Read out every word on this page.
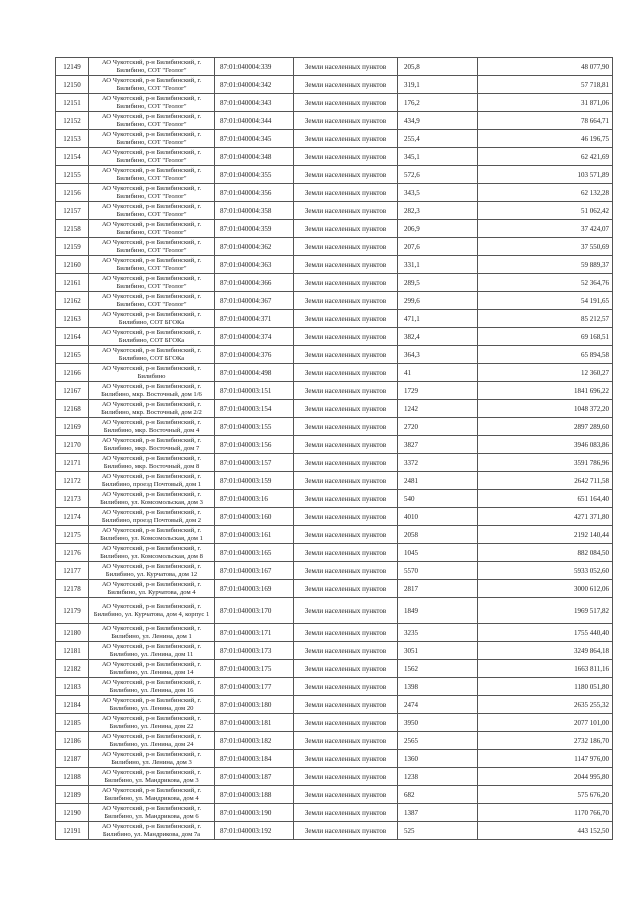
12149	АО Чукотский, р-н Билибинский, г. Билибино, СОТ "Геолог"	87:01:040004:339	Земли населенных пунктов	205,8	48 077,90
12150	АО Чукотский, р-н Билибинский, г. Билибино, СОТ "Геолог"	87:01:040004:342	Земли населенных пунктов	319,1	57 718,81
12151	АО Чукотский, р-н Билибинский, г. Билибино, СОТ "Геолог"	87:01:040004:343	Земли населенных пунктов	176,2	31 871,06
12152	АО Чукотский, р-н Билибинский, г. Билибино, СОТ "Геолог"	87:01:040004:344	Земли населенных пунктов	434,9	78 664,71
12153	АО Чукотский, р-н Билибинский, г. Билибино, СОТ "Геолог"	87:01:040004:345	Земли населенных пунктов	255,4	46 196,75
12154	АО Чукотский, р-н Билибинский, г. Билибино, СОТ "Геолог"	87:01:040004:348	Земли населенных пунктов	345,1	62 421,69
12155	АО Чукотский, р-н Билибинский, г. Билибино, СОТ "Геолог"	87:01:040004:355	Земли населенных пунктов	572,6	103 571,89
12156	АО Чукотский, р-н Билибинский, г. Билибино, СОТ "Геолог"	87:01:040004:356	Земли населенных пунктов	343,5	62 132,28
12157	АО Чукотский, р-н Билибинский, г. Билибино, СОТ "Геолог"	87:01:040004:358	Земли населенных пунктов	282,3	51 062,42
12158	АО Чукотский, р-н Билибинский, г. Билибино, СОТ "Геолог"	87:01:040004:359	Земли населенных пунктов	206,9	37 424,07
12159	АО Чукотский, р-н Билибинский, г. Билибино, СОТ "Геолог"	87:01:040004:362	Земли населенных пунктов	207,6	37 550,69
12160	АО Чукотский, р-н Билибинский, г. Билибино, СОТ "Геолог"	87:01:040004:363	Земли населенных пунктов	331,1	59 889,37
12161	АО Чукотский, р-н Билибинский, г. Билибино, СОТ "Геолог"	87:01:040004:366	Земли населенных пунктов	289,5	52 364,76
12162	АО Чукотский, р-н Билибинский, г. Билибино, СОТ "Геолог"	87:01:040004:367	Земли населенных пунктов	299,6	54 191,65
12163	АО Чукотский, р-н Билибинский, г. Билибино, СОТ БГОКа	87:01:040004:371	Земли населенных пунктов	471,1	85 212,57
12164	АО Чукотский, р-н Билибинский, г. Билибино, СОТ БГОКа	87:01:040004:374	Земли населенных пунктов	382,4	69 168,51
12165	АО Чукотский, р-н Билибинский, г. Билибино, СОТ БГОКа	87:01:040004:376	Земли населенных пунктов	364,3	65 894,58
12166	АО Чукотский, р-н Билибинский, г. Билибино	87:01:040004:498	Земли населенных пунктов	41	12 360,27
12167	АО Чукотский, р-н Билибинский, г. Билибино, мкр. Восточный, дом 1/6	87:01:040003:151	Земли населенных пунктов	1729	1841 696,22
12168	АО Чукотский, р-н Билибинский, г. Билибино, мкр. Восточный, дом 2/2	87:01:040003:154	Земли населенных пунктов	1242	1048 372,20
12169	АО Чукотский, р-н Билибинский, г. Билибино, мкр. Восточный, дом 4	87:01:040003:155	Земли населенных пунктов	2720	2897 289,60
12170	АО Чукотский, р-н Билибинский, г. Билибино, мкр. Восточный, дом 7	87:01:040003:156	Земли населенных пунктов	3827	3946 083,86
12171	АО Чукотский, р-н Билибинский, г. Билибино, мкр. Восточный, дом 8	87:01:040003:157	Земли населенных пунктов	3372	3591 786,96
12172	АО Чукотский, р-н Билибинский, г. Билибино, проезд Почтовый, дом 1	87:01:040003:159	Земли населенных пунктов	2481	2642 711,58
12173	АО Чукотский, р-н Билибинский, г. Билибино, ул. Комсомольская, дом 3	87:01:040003:16	Земли населенных пунктов	540	651 164,40
12174	АО Чукотский, р-н Билибинский, г. Билибино, проезд Почтовый, дом 2	87:01:040003:160	Земли населенных пунктов	4010	4271 371,80
12175	АО Чукотский, р-н Билибинский, г. Билибино, ул. Комсомольская, дом 1	87:01:040003:161	Земли населенных пунктов	2058	2192 140,44
12176	АО Чукотский, р-н Билибинский, г. Билибино, ул. Комсомольская, дом 8	87:01:040003:165	Земли населенных пунктов	1045	882 084,50
12177	АО Чукотский, р-н Билибинский, г. Билибино, ул. Курчатова, дом 12	87:01:040003:167	Земли населенных пунктов	5570	5933 052,60
12178	АО Чукотский, р-н Билибинский, г. Билибино, ул. Курчатова, дом 4	87:01:040003:169	Земли населенных пунктов	2817	3000 612,06
12179	АО Чукотский, р-н Билибинский, г. Билибино, ул. Курчатова, дом 4, корпус 1	87:01:040003:170	Земли населенных пунктов	1849	1969 517,82
12180	АО Чукотский, р-н Билибинский, г. Билибино, ул. Ленина, дом 1	87:01:040003:171	Земли населенных пунктов	3235	1755 440,40
12181	АО Чукотский, р-н Билибинский, г. Билибино, ул. Ленина, дом 11	87:01:040003:173	Земли населенных пунктов	3051	3249 864,18
12182	АО Чукотский, р-н Билибинский, г. Билибино, ул. Ленина, дом 14	87:01:040003:175	Земли населенных пунктов	1562	1663 811,16
12183	АО Чукотский, р-н Билибинский, г. Билибино, ул. Ленина, дом 16	87:01:040003:177	Земли населенных пунктов	1398	1180 051,80
12184	АО Чукотский, р-н Билибинский, г. Билибино, ул. Ленина, дом 20	87:01:040003:180	Земли населенных пунктов	2474	2635 255,32
12185	АО Чукотский, р-н Билибинский, г. Билибино, ул. Ленина, дом 22	87:01:040003:181	Земли населенных пунктов	3950	2077 101,00
12186	АО Чукотский, р-н Билибинский, г. Билибино, ул. Ленина, дом 24	87:01:040003:182	Земли населенных пунктов	2565	2732 186,70
12187	АО Чукотский, р-н Билибинский, г. Билибино, ул. Ленина, дом 3	87:01:040003:184	Земли населенных пунктов	1360	1147 976,00
12188	АО Чукотский, р-н Билибинский, г. Билибино, ул. Мандрикова, дом 3	87:01:040003:187	Земли населенных пунктов	1238	2044 995,80
12189	АО Чукотский, р-н Билибинский, г. Билибино, ул. Мандрикова, дом 4	87:01:040003:188	Земли населенных пунктов	682	575 676,20
12190	АО Чукотский, р-н Билибинский, г. Билибино, ул. Мандрикова, дом 6	87:01:040003:190	Земли населенных пунктов	1387	1170 766,70
12191	АО Чукотский, р-н Билибинский, г. Билибино, ул. Мандрикова, дом 7а	87:01:040003:192	Земли населенных пунктов	525	443 152,50
